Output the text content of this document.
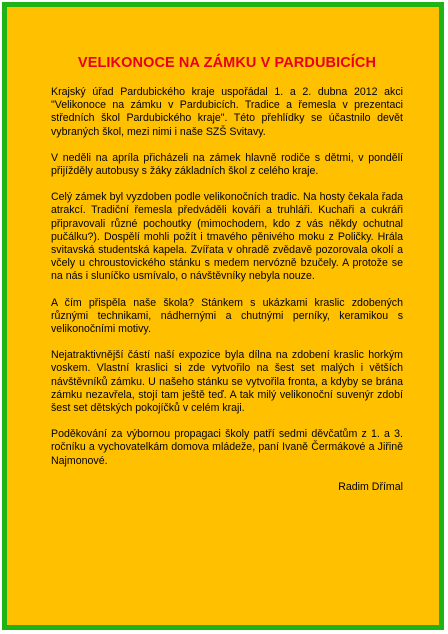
VELIKONOCE NA ZÁMKU V PARDUBICÍCH

Krajský úřad Pardubického kraje uspořádal 1. a 2. dubna 2012 akci "Velikonoce na zámku v Pardubicích. Tradice a řemesla v prezentaci středních škol Pardubického kraje". Této přehlídky se účastnilo devět vybraných škol, mezi nimi i naše SZŠ Svitavy.

V neděli na apríla přicházeli na zámek hlavně rodiče s dětmi, v pondělí přijížděly autobusy s žáky základních škol z celého kraje.

Celý zámek byl vyzdoben podle velikonočních tradic. Na hosty čekala řada atrakcí. Tradiční řemesla předváděli kováři a truhláři. Kuchaři a cukráři připravovali různé pochoutky (mimochodem, kdo z vás někdy ochutnal pučálku?). Dospělí mohli požít i tmavého pěnivého moku z Poličky. Hrála svitavská studentská kapela. Zvířata v ohradě zvědavě pozorovala okolí a včely u chroustovického stánku s medem nervózně bzučely. A protože se na nás i sluníčko usmívalo, o návštěvníky nebyla nouze.

A čím přispěla naše škola? Stánkem s ukázkami kraslic zdobených různými technikami, nádhernými a chutnými perníky, keramikou s velikonočními motivy.

Nejatraktivnější částí naší expozice byla dílna na zdobení kraslic horkým voskem. Vlastní kraslici si zde vytvořilo na šest set malých i větších návštěvníků zámku. U našeho stánku se vytvořila fronta, a kdyby se brána zámku nezavřela, stojí tam ještě teď. A tak milý velikonoční suvenýr zdobí šest set dětských pokojíčků v celém kraji.

Poděkování za výbornou propagaci školy patří sedmi děvčatům z 1. a 3. ročníku a vychovatelkám domova mládeže, paní Ivaně Čermákové a Jiřině Najmonové.

Radim Dřímal
